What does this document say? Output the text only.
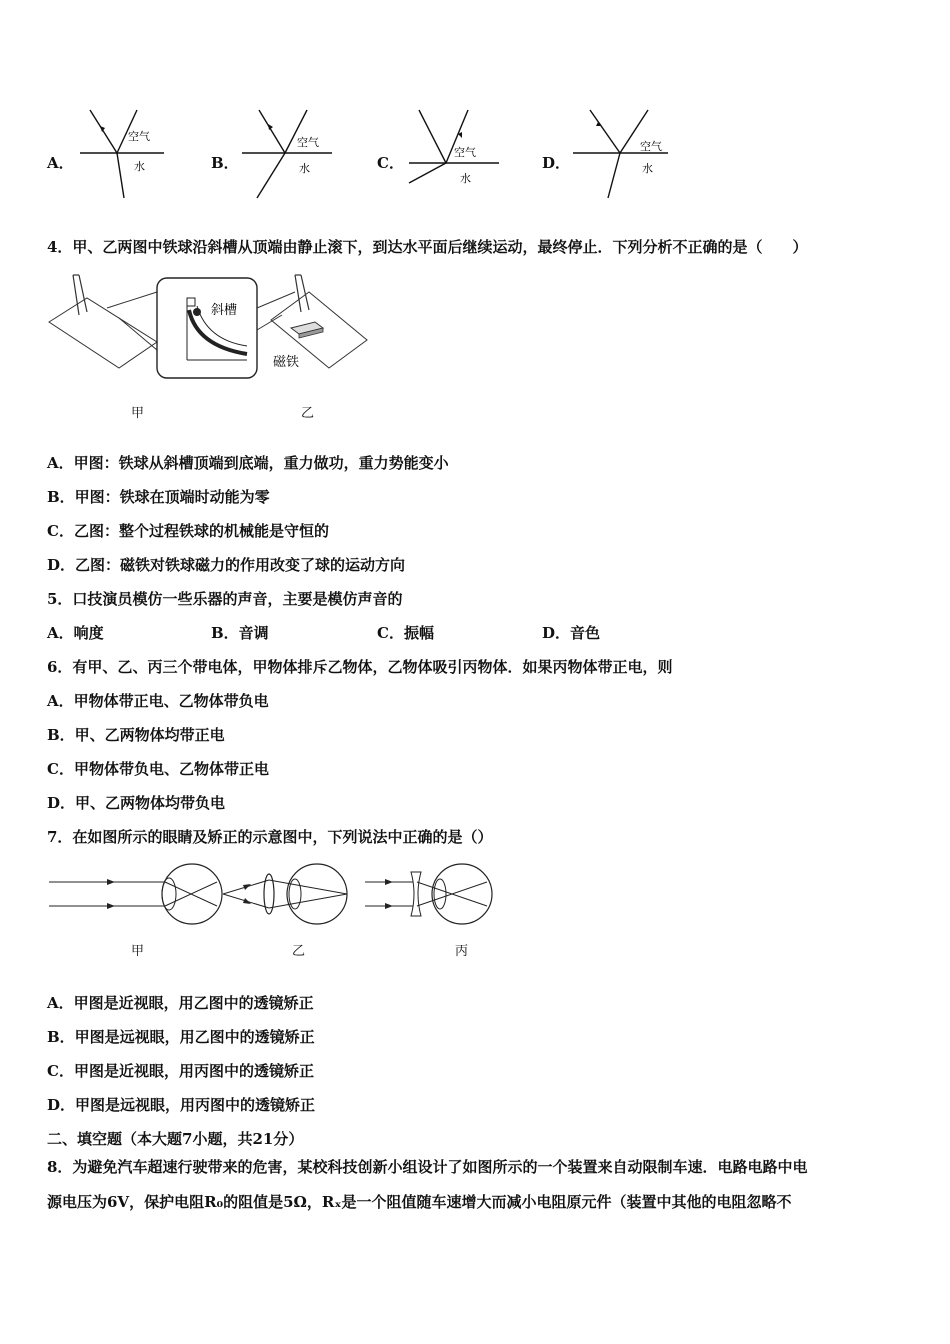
A．
空气
水	B．
空气
水	C．
空气
水
D．
空气
水
4．甲、乙两图中铁球沿斜槽从顶端由静止滚下，到达水平面后继续运动，最终停止．下列分析不正确的是（　　）
斜槽
磁铁
甲	乙
A．甲图：铁球从斜槽顶端到底端，重力做功，重力势能变小
B．甲图：铁球在顶端时动能为零
C．乙图：整个过程铁球的机械能是守恒的
D．乙图：磁铁对铁球磁力的作用改变了球的运动方向
5．口技演员模仿一些乐器的声音，主要是模仿声音的
A．响度	B．音调	C．振幅	D．音色
6．有甲、乙、丙三个带电体，甲物体排斥乙物体，乙物体吸引丙物体．如果丙物体带正电，则
A．甲物体带正电、乙物体带负电
B．甲、乙两物体均带正电
C．甲物体带负电、乙物体带正电
D．甲、乙两物体均带负电
7．在如图所示的眼睛及矫正的示意图中，下列说法中正确的是（）
甲	乙	丙
A．甲图是近视眼，用乙图中的透镜矫正
B．甲图是远视眼，用乙图中的透镜矫正
C．甲图是近视眼，用丙图中的透镜矫正
D．甲图是远视眼，用丙图中的透镜矫正
二、填空题（本大题7小题，共21分）
8．为避免汽车超速行驶带来的危害，某校科技创新小组设计了如图所示的一个装置来自动限制车速．电路电路中电
源电压为6V，保护电阻R₀的阻值是5Ω，Rₓ是一个阻值随车速增大而减小电阻原元件（装置中其他的电阻忽略不
